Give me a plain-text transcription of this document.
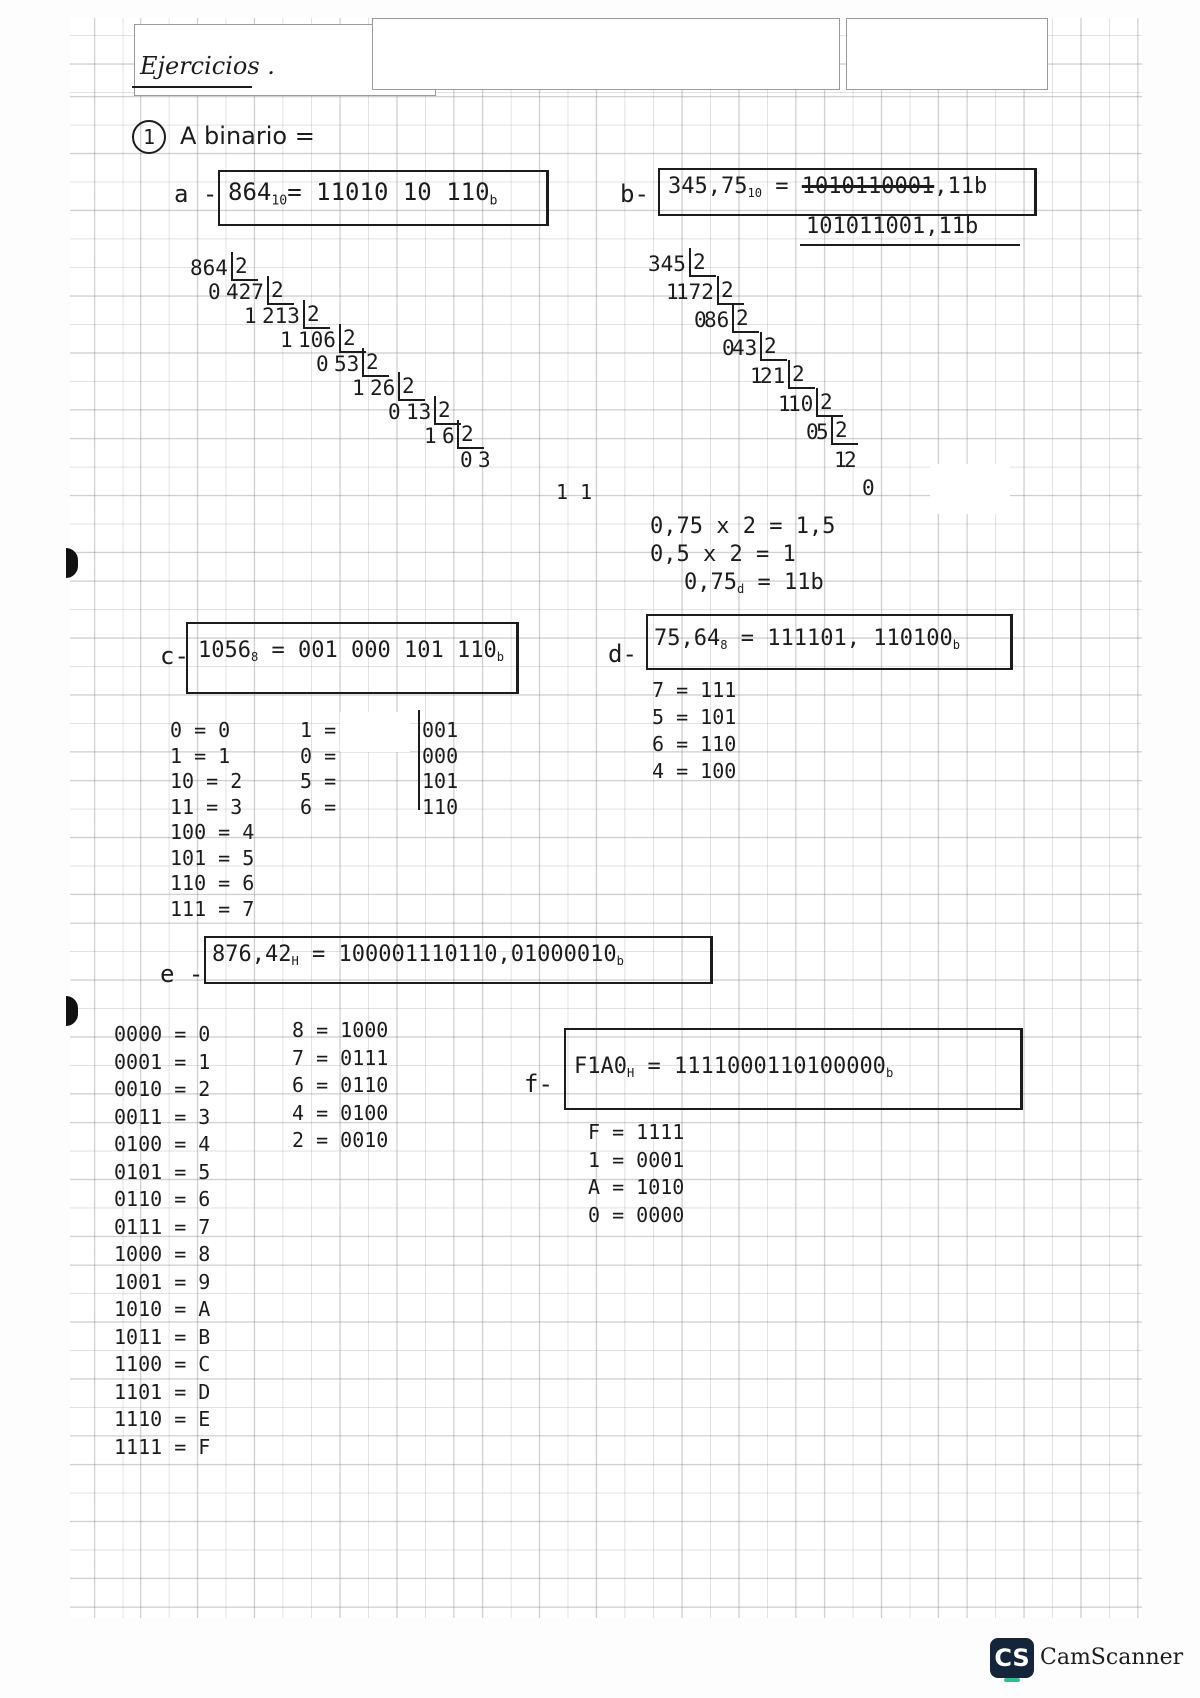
Ejercicios .
1	A binario =
$a - 864_{10}= 11010$ 10 $110_b$
864 2
0 427 2
1 213 2
1 106 2
0 53 2
1 26 2
0 13 2
1 6 2
0 3
1 1
b- $345,75_{10} = 1010110001,11b$
101011001,11b
345 2
1
172 2
0
86 2
0
43 2
1
21 2
1
10 2
0
5 2
1
2
0
0,75 x 2 = 1,5
0,5 x 2 = 1
$0,75_d = 11b$
c- $1056_8 = 001$ 000 101 $110_b$
0 = 0
1 = 1
10 = 2
11 = 3
100 = 4
101 = 5
110 = 6
111 = 7
1 =
0 =
5 =
6 =
001
000
101
110
d-
$75,64_8 = 111101$, $110100_b$
7 = 111
5 = 101
6 = 110
4 = 100
e -
$876,42_H = 100001110110,01000010_b$
0000 = 0
0001 = 1
0010 = 2
0011 = 3
0100 = 4
0101 = 5
0110 = 6
0111 = 7
1000 = 8
1001 = 9
1010 = A
1011 = B
1100 = C
1101 = D
1110 = E
1111 = F
8 = 1000
7 = 0111
6 = 0110
4 = 0100
2 = 0010
f-
$F1A0_H = 1111000110100000_b$
F = 1111
1 = 0001
A = 1010
0 = 0000
CS CamScanner
